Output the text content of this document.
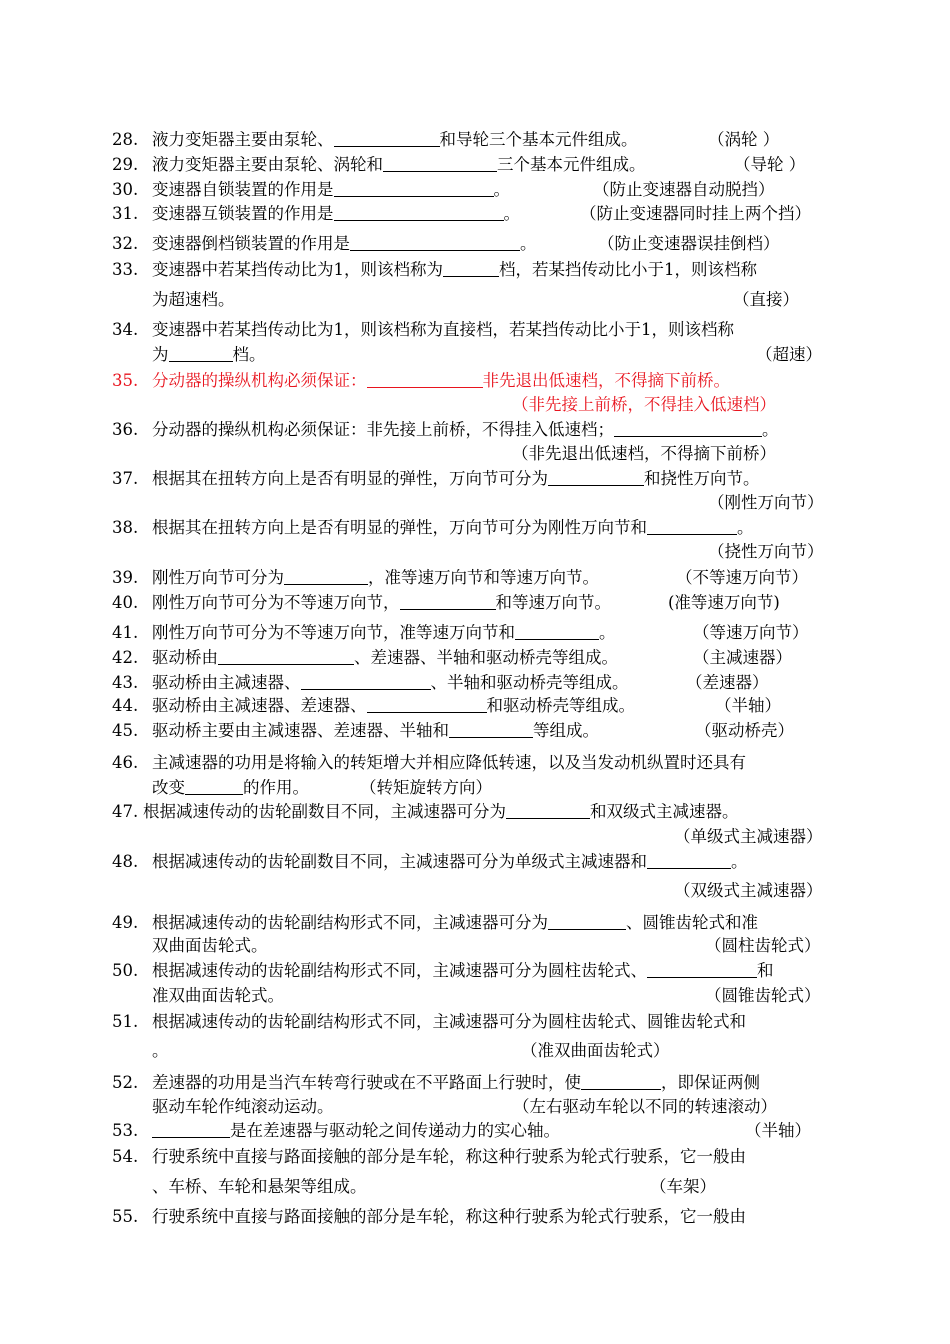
28. 液力变矩器主要由泵轮、	和导轮三个基本元件组成。	（涡轮 ）
29. 液力变矩器主要由泵轮、涡轮和	三个基本元件组成。	（导轮 ）
30. 变速器自锁装置的作用是	。	（防止变速器自动脱挡）
31. 变速器互锁装置的作用是	。	（防止变速器同时挂上两个挡）
32. 变速器倒档锁装置的作用是	。	（防止变速器误挂倒档）
33. 变速器中若某挡传动比为1，则该档称为	档，若某挡传动比小于1，则该档称
为超速档。	（直接）
34. 变速器中若某挡传动比为1，则该档称为直接档，若某挡传动比小于1，则该档称
为	档。	（超速）
35. 分动器的操纵机构必须保证：	非先退出低速档，不得摘下前桥。
（非先接上前桥，不得挂入低速档）
36. 分动器的操纵机构必须保证：非先接上前桥，不得挂入低速档；	。
（非先退出低速档，不得摘下前桥）
37. 根据其在扭转方向上是否有明显的弹性，万向节可分为	和挠性万向节。
（刚性万向节）
38. 根据其在扭转方向上是否有明显的弹性，万向节可分为刚性万向节和	。
（挠性万向节）
39. 刚性万向节可分为	，准等速万向节和等速万向节。	（不等速万向节）
40. 刚性万向节可分为不等速万向节，	和等速万向节。	(准等速万向节)
41. 刚性万向节可分为不等速万向节，准等速万向节和	。	（等速万向节）
42. 驱动桥由	、差速器、半轴和驱动桥壳等组成。	（主减速器）
43. 驱动桥由主减速器、	、半轴和驱动桥壳等组成。	（差速器）
44. 驱动桥由主减速器、差速器、	和驱动桥壳等组成。	（半轴）
45. 驱动桥主要由主减速器、差速器、半轴和	等组成。	（驱动桥壳）
46. 主减速器的功用是将输入的转矩增大并相应降低转速，以及当发动机纵置时还具有
改变	的作用。	（转矩旋转方向）
47. 根据减速传动的齿轮副数目不同，主减速器可分为	和双级式主减速器。
（单级式主减速器）
48. 根据减速传动的齿轮副数目不同，主减速器可分为单级式主减速器和	。
（双级式主减速器）
49. 根据减速传动的齿轮副结构形式不同，主减速器可分为	、圆锥齿轮式和准
双曲面齿轮式。	（圆柱齿轮式）
50. 根据减速传动的齿轮副结构形式不同，主减速器可分为圆柱齿轮式、	和
准双曲面齿轮式。	（圆锥齿轮式）
51. 根据减速传动的齿轮副结构形式不同，主减速器可分为圆柱齿轮式、圆锥齿轮式和
。	（准双曲面齿轮式）
52. 差速器的功用是当汽车转弯行驶或在不平路面上行驶时，使	，即保证两侧
驱动车轮作纯滚动运动。	（左右驱动车轮以不同的转速滚动）
53.	是在差速器与驱动轮之间传递动力的实心轴。	（半轴）
54. 行驶系统中直接与路面接触的部分是车轮，称这种行驶系为轮式行驶系，它一般由
、车桥、车轮和悬架等组成。	（车架）
55. 行驶系统中直接与路面接触的部分是车轮，称这种行驶系为轮式行驶系，它一般由
